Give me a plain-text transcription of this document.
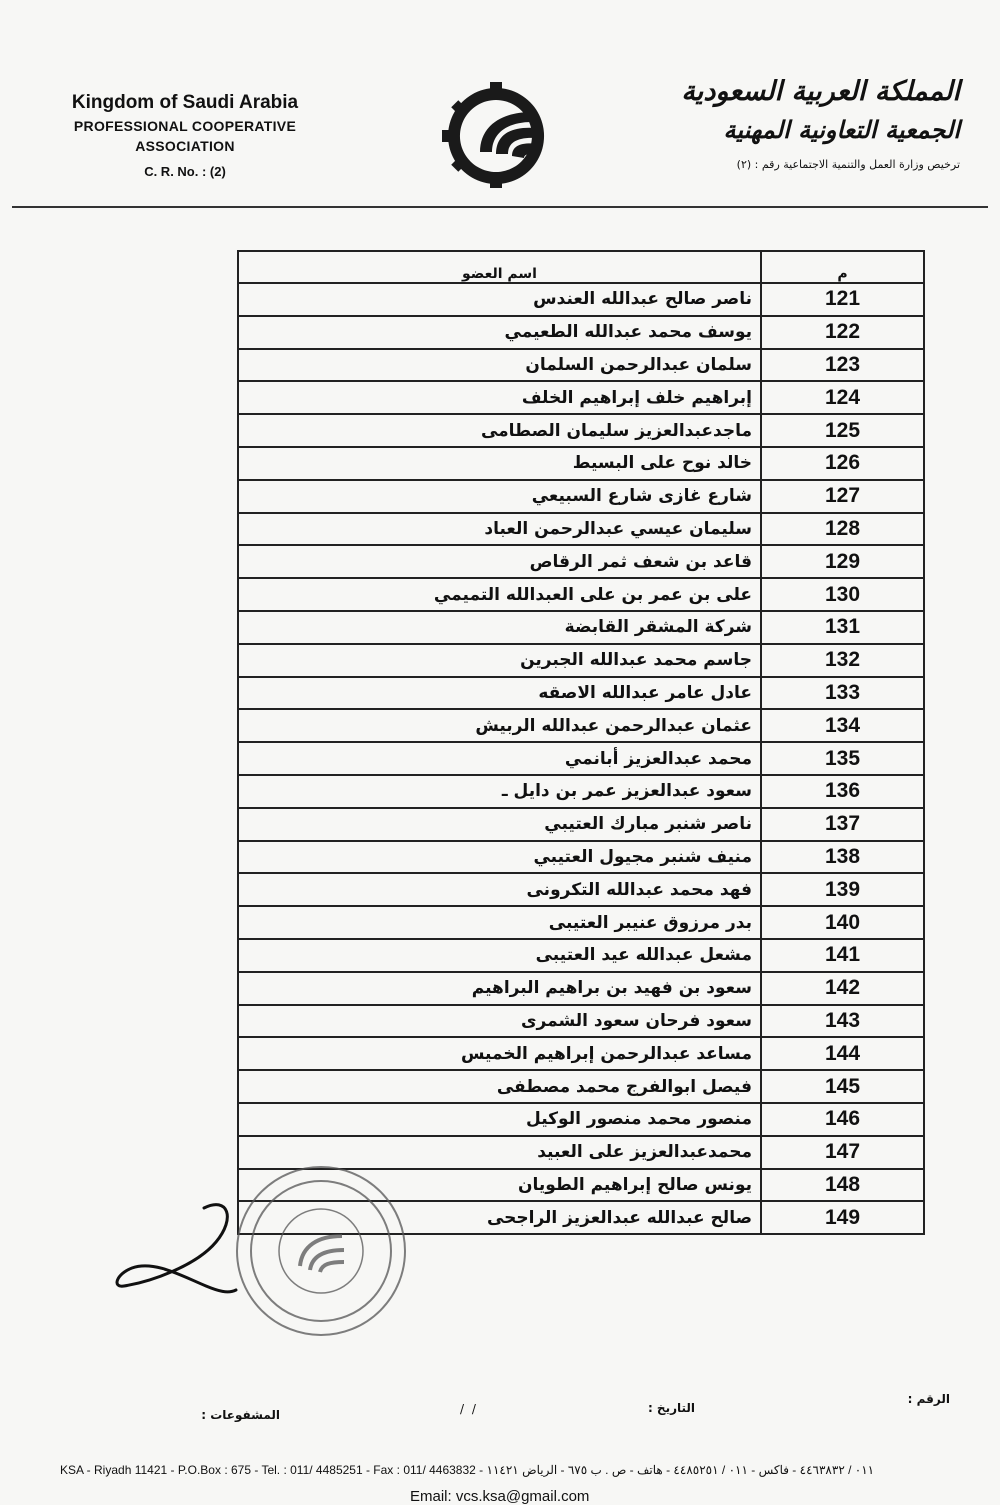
Kingdom of Saudi Arabia
PROFESSIONAL COOPERATIVE
ASSOCIATION
C. R. No. : (2)
المملكة العربية السعودية
الجمعية التعاونية المهنية
ترخيص وزارة العمل والتنمية الاجتماعية رقم : (٢)
م	اسم العضو
121	ناصر صالح عبدالله العندس
122	يوسف محمد عبدالله الطعيمي
123	سلمان عبدالرحمن السلمان
124	إبراهيم خلف إبراهيم الخلف
125	ماجدعبدالعزيز سليمان الصطامى
126	خالد نوح على البسيط
127	شارع غازى شارع السبيعي
128	سليمان عيسي عبدالرحمن العباد
129	قاعد بن شعف ثمر الرقاص
130	على بن عمر بن على العبدالله التميمي
131	شركة المشقر القابضة
132	جاسم محمد عبدالله الجبرين
133	عادل عامر عبدالله الاصقه
134	عثمان عبدالرحمن عبدالله الربيش
135	محمد عبدالعزيز أبانمي
136	سعود عبدالعزيز عمر بن دايل ـ
137	ناصر شنبر مبارك العتيبي
138	منيف شنبر مجيول العتيبي
139	فهد محمد عبدالله التكرونى
140	بدر مرزوق عنيبر العتيبى
141	مشعل عبدالله عيد العتيبى
142	سعود بن فهيد بن براهيم البراهيم
143	سعود فرحان سعود الشمرى
144	مساعد عبدالرحمن إبراهيم الخميس
145	فيصل ابوالفرج محمد مصطفى
146	منصور محمد منصور الوكيل
147	محمدعبدالعزيز على العبيد
148	يونس صالح إبراهيم الطويان
149	صالح عبدالله عبدالعزيز الراجحى
الرقم :
التاريخ :
/ /
المشفوعات :
KSA - Riyadh 11421 - P.O.Box : 675 - Tel. : 011/ 4485251 - Fax : 011/ 4463832 - ٠١١ / ٤٤٦٣٨٣٢ - فاكس - ٠١١ / ٤٤٨٥٢٥١ - هاتف - ص . ب ٦٧٥ - الرياض ١١٤٢١
Email: vcs.ksa@gmail.com
